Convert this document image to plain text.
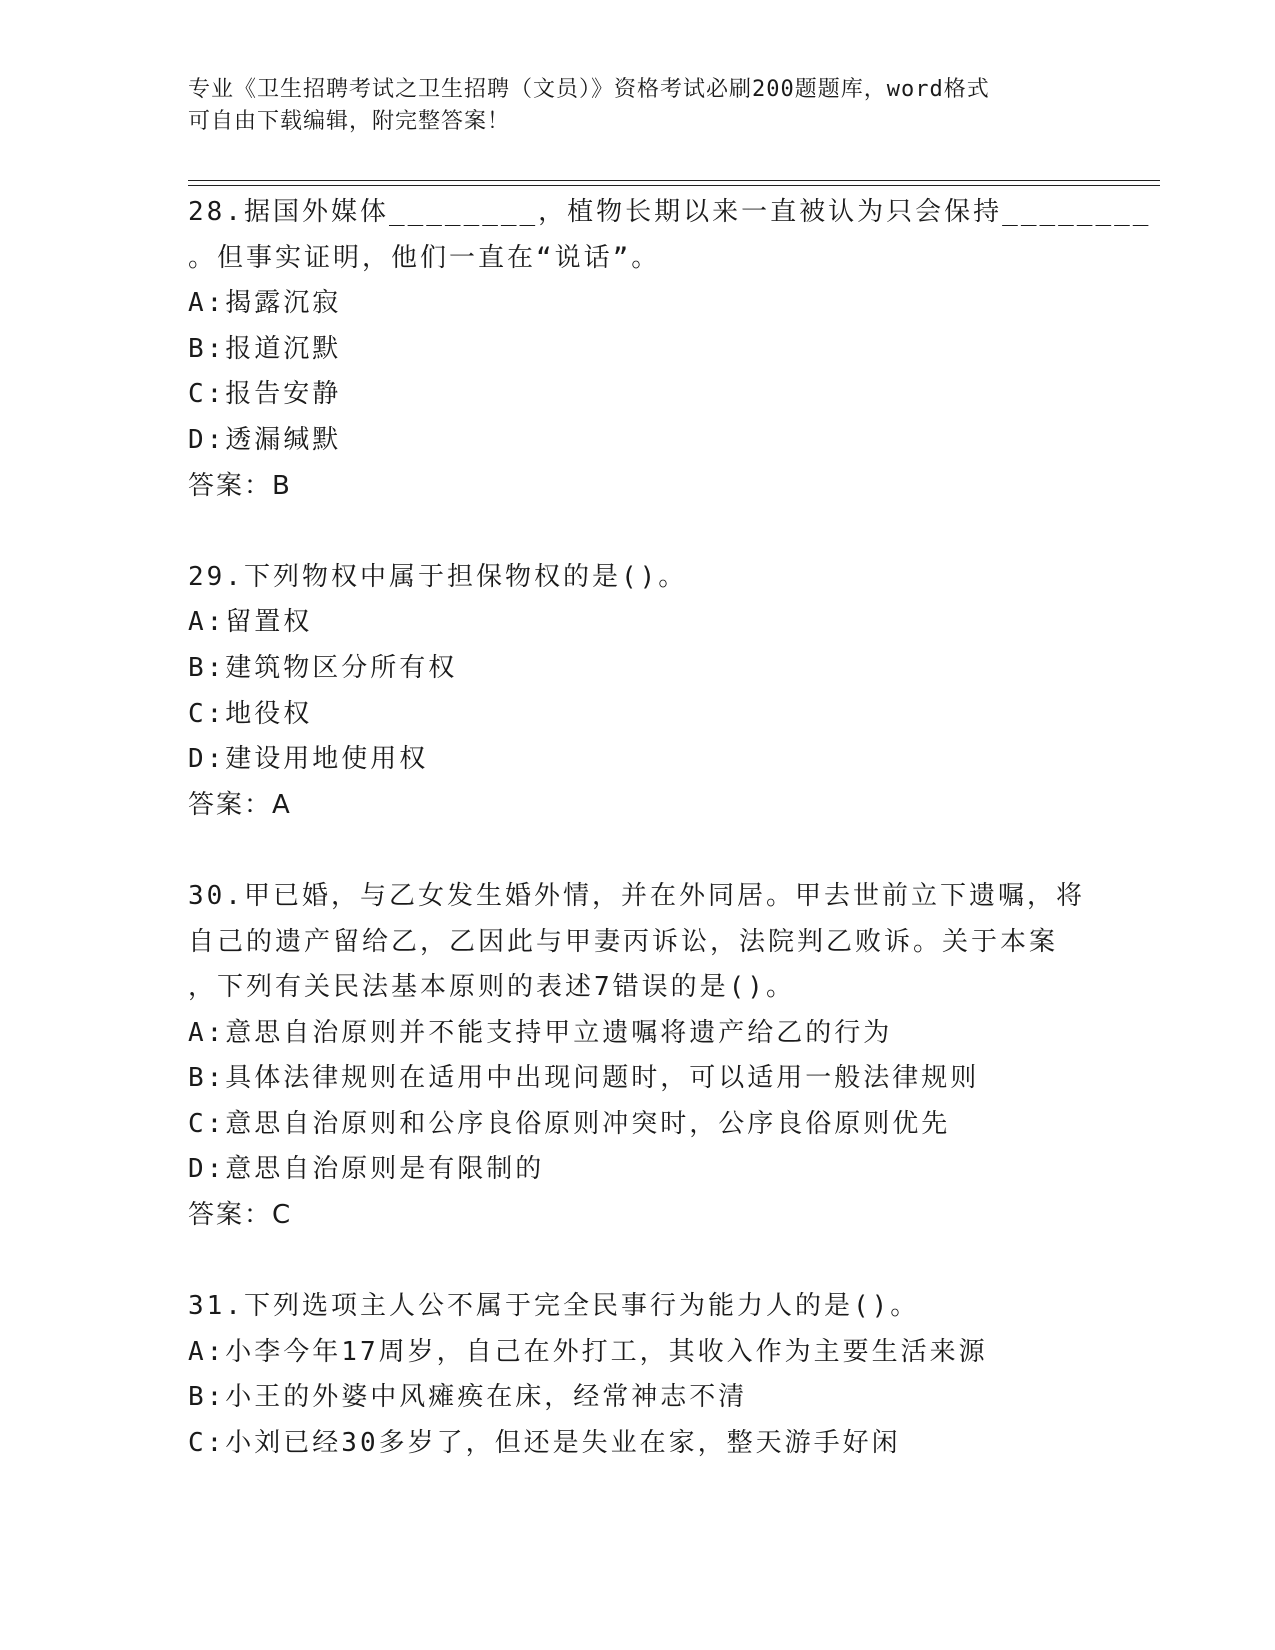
专业《卫生招聘考试之卫生招聘（文员）》资格考试必刷200题题库，word格式
可自由下载编辑，附完整答案！
28.据国外媒体________，植物长期以来一直被认为只会保持________
。但事实证明，他们一直在“说话”。
A:揭露沉寂
B:报道沉默
C:报告安静
D:透漏缄默
答案：B
29.下列物权中属于担保物权的是()。
A:留置权
B:建筑物区分所有权
C:地役权
D:建设用地使用权
答案：A
30.甲已婚，与乙女发生婚外情，并在外同居。甲去世前立下遗嘱，将
自己的遗产留给乙，乙因此与甲妻丙诉讼，法院判乙败诉。关于本案
，下列有关民法基本原则的表述7错误的是()。
A:意思自治原则并不能支持甲立遗嘱将遗产给乙的行为
B:具体法律规则在适用中出现问题时，可以适用一般法律规则
C:意思自治原则和公序良俗原则冲突时，公序良俗原则优先
D:意思自治原则是有限制的
答案：C
31.下列选项主人公不属于完全民事行为能力人的是()。
A:小李今年17周岁，自己在外打工，其收入作为主要生活来源
B:小王的外婆中风瘫痪在床，经常神志不清
C:小刘已经30多岁了，但还是失业在家，整天游手好闲
